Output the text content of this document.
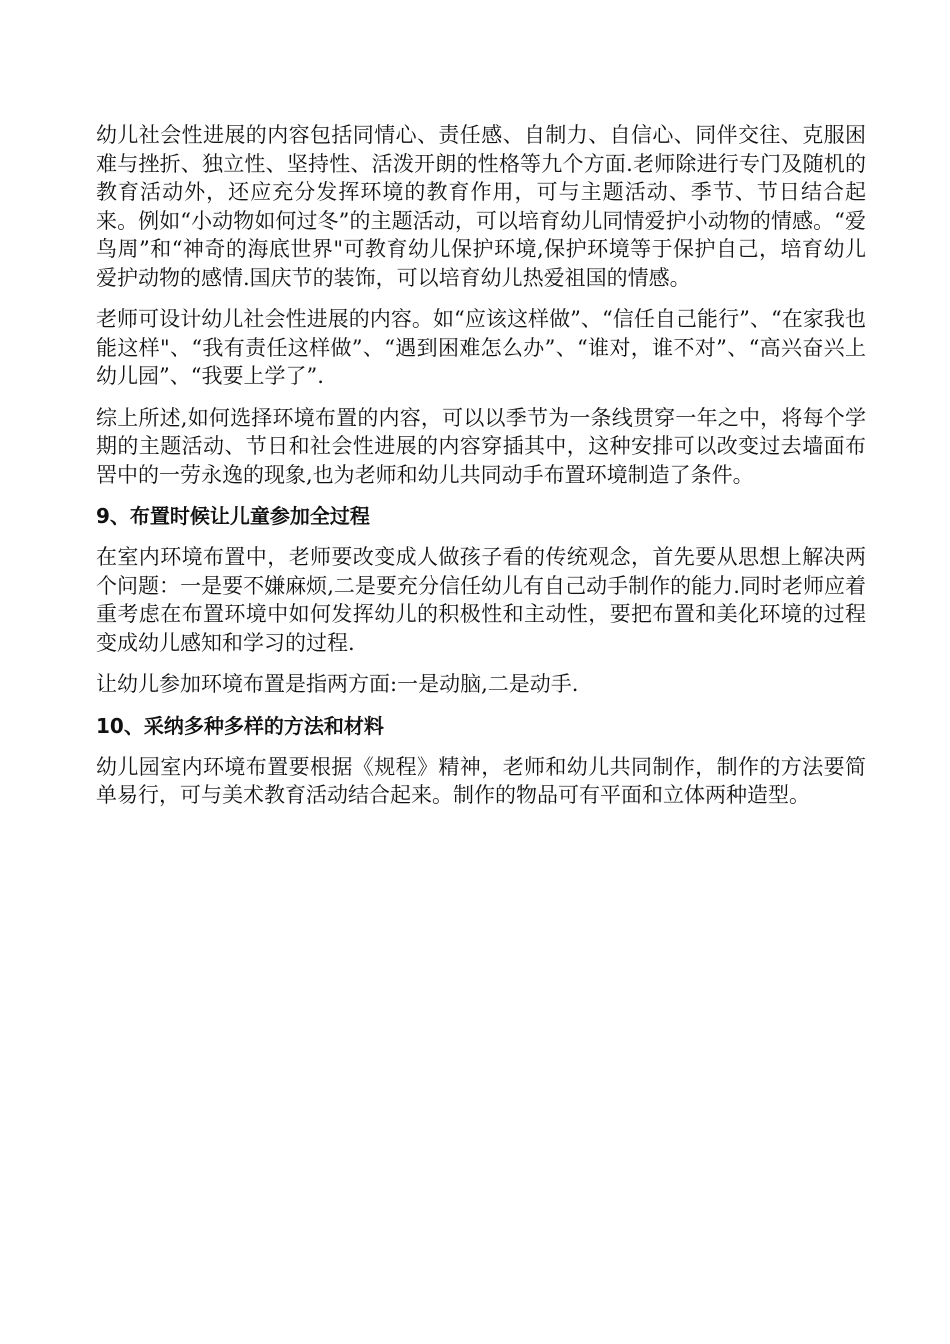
幼儿社会性进展的内容包括同情心、责任感、自制力、自信心、同伴交往、克服困难与挫折、独立性、坚持性、活泼开朗的性格等九个方面.老师除进行专门及随机的教育活动外，还应充分发挥环境的教育作用，可与主题活动、季节、节日结合起来。例如“小动物如何过冬”的主题活动，可以培育幼儿同情爱护小动物的情感。“爱鸟周”和“神奇的海底世界"可教育幼儿保护环境,保护环境等于保护自己，培育幼儿爱护动物的感情.国庆节的装饰，可以培育幼儿热爱祖国的情感。

老师可设计幼儿社会性进展的内容。如“应该这样做”、“信任自己能行”、“在家我也能这样"、“我有责任这样做”、“遇到困难怎么办”、“谁对，谁不对”、“高兴奋兴上幼儿园”、“我要上学了”.

综上所述,如何选择环境布置的内容，可以以季节为一条线贯穿一年之中，将每个学期的主题活动、节日和社会性进展的内容穿插其中，这种安排可以改变过去墙面布罟中的一劳永逸的现象,也为老师和幼儿共同动手布置环境制造了条件。

9、布置时候让儿童参加全过程

在室内环境布置中，老师要改变成人做孩子看的传统观念，首先要从思想上解决两个问题：一是要不嫌麻烦,二是要充分信任幼儿有自己动手制作的能力.同时老师应着重考虑在布置环境中如何发挥幼儿的积极性和主动性，要把布置和美化环境的过程变成幼儿感知和学习的过程.

让幼儿参加环境布置是指两方面:一是动脑,二是动手.

10、采纳多种多样的方法和材料

幼儿园室内环境布置要根据《规程》精神，老师和幼儿共同制作，制作的方法要简单易行，可与美术教育活动结合起来。制作的物品可有平面和立体两种造型。
